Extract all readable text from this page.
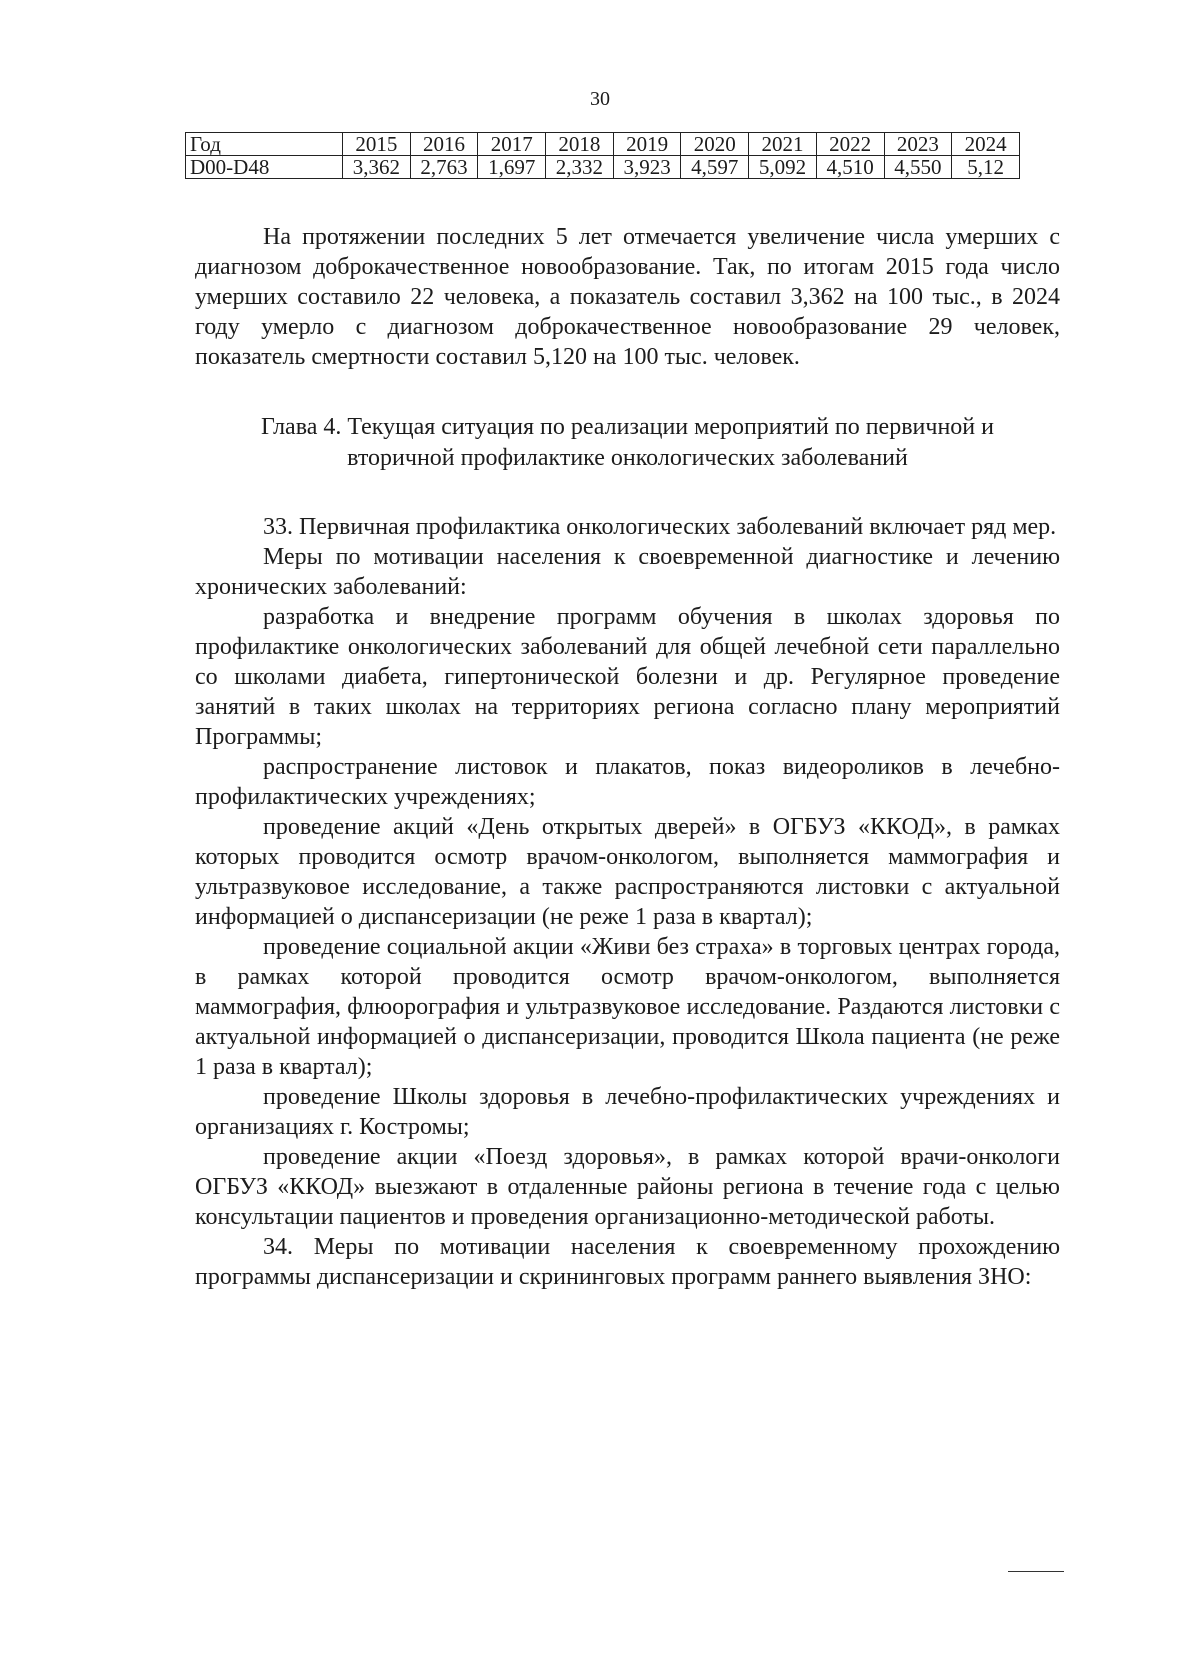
30
Год	2015	2016	2017	2018	2019	2020	2021	2022	2023	2024
D00-D48	3,362	2,763	1,697	2,332	3,923	4,597	5,092	4,510	4,550	5,12

На протяжении последних 5 лет отмечается увеличение числа умерших с диагнозом доброкачественное новообразование. Так, по итогам 2015 года число умерших составило 22 человека, а показатель составил 3,362 на 100 тыс., в 2024 году умерло с диагнозом доброкачественное новообразование 29 человек, показатель смертности составил 5,120 на 100 тыс. человек.

Глава 4. Текущая ситуация по реализации мероприятий по первичной и
вторичной профилактике онкологических заболеваний

33. Первичная профилактика онкологических заболеваний включает ряд мер.

Меры по мотивации населения к своевременной диагностике и лечению хронических заболеваний:

разработка и внедрение программ обучения в школах здоровья по профилактике онкологических заболеваний для общей лечебной сети параллельно со школами диабета, гипертонической болезни и др. Регулярное проведение занятий в таких школах на территориях региона согласно плану мероприятий Программы;

распространение листовок и плакатов, показ видеороликов в лечебно-профилактических учреждениях;

проведение акций «День открытых дверей» в ОГБУЗ «ККОД», в рамках которых проводится осмотр врачом-онкологом, выполняется маммография и ультразвуковое исследование, а также распространяются листовки с актуальной информацией о диспансеризации (не реже 1 раза в квартал);

проведение социальной акции «Живи без страха» в торговых центрах города, в рамках которой проводится осмотр врачом-онкологом, выполняется маммография, флюорография и ультразвуковое исследование. Раздаются листовки с актуальной информацией о диспансеризации, проводится Школа пациента (не реже 1 раза в квартал);

проведение Школы здоровья в лечебно-профилактических учреждениях и организациях г. Костромы;

проведение акции «Поезд здоровья», в рамках которой врачи-онкологи ОГБУЗ «ККОД» выезжают в отдаленные районы региона в течение года с целью консультации пациентов и проведения организационно-методической работы.

34. Меры по мотивации населения к своевременному прохождению программы диспансеризации и скрининговых программ раннего выявления ЗНО:
